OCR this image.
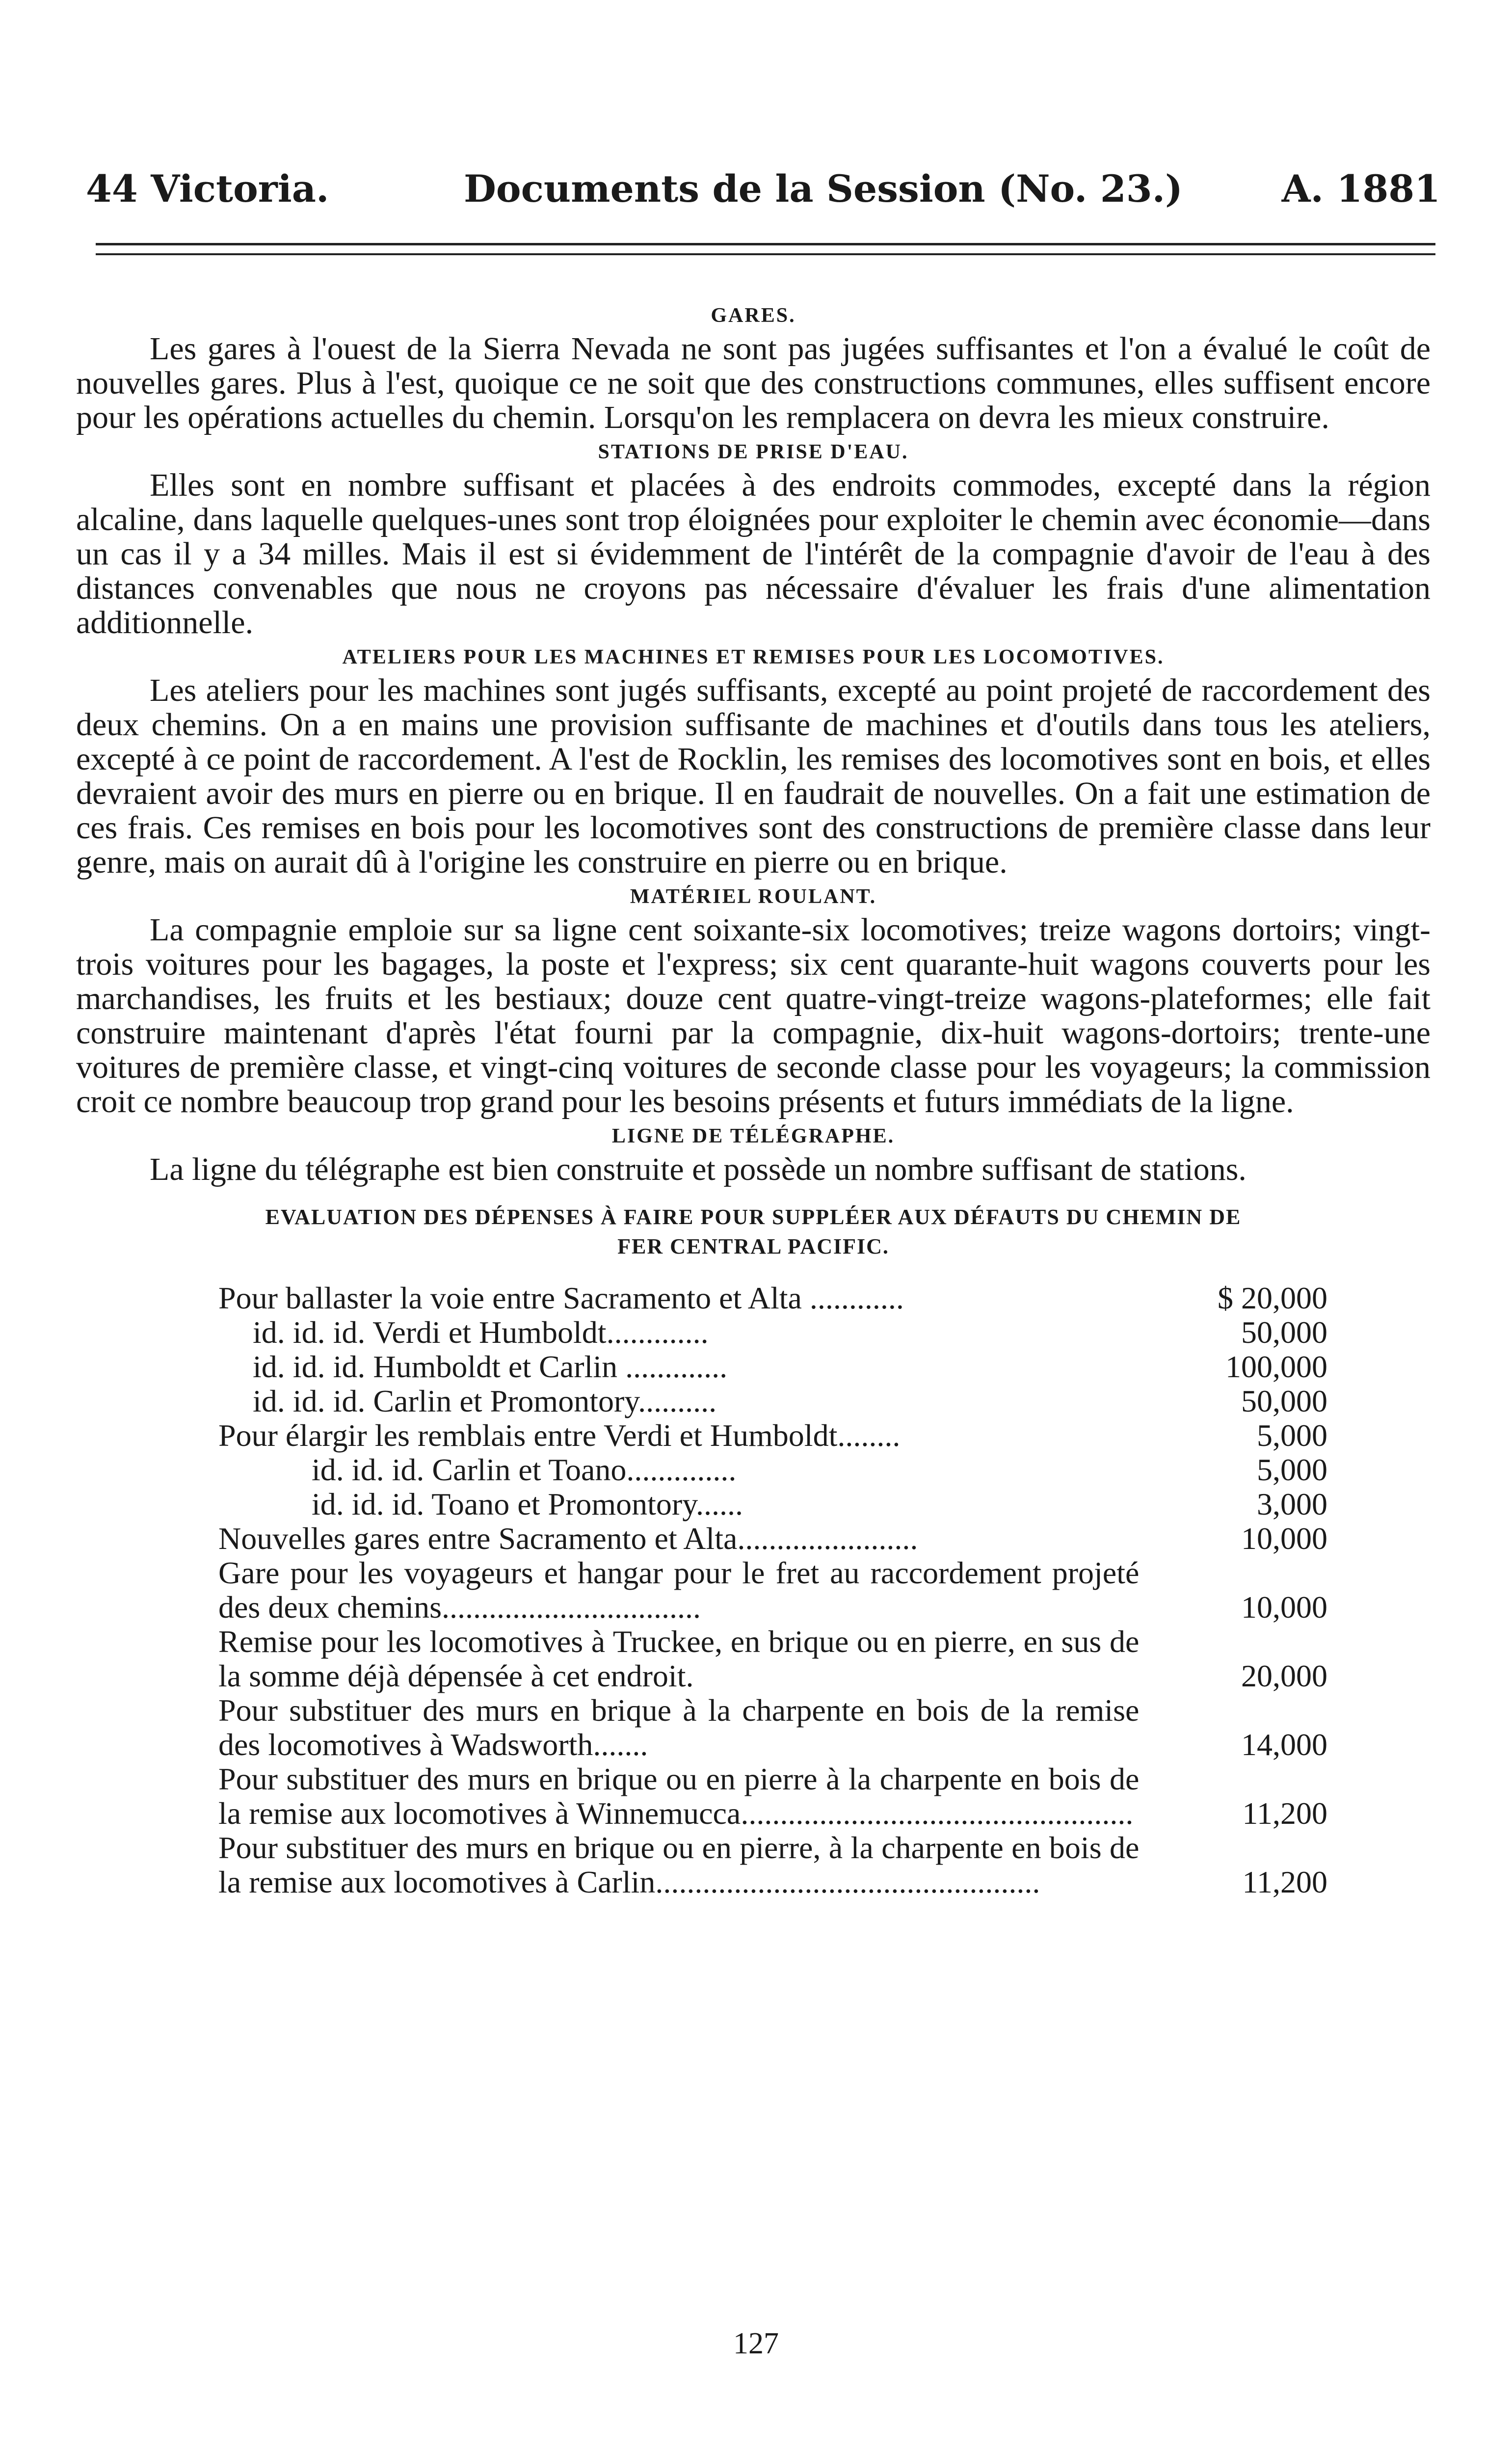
44 Victoria.	Documents de la Session (No. 23.)	A. 1881
GARES.

Les gares à l'ouest de la Sierra Nevada ne sont pas jugées suffisantes et l'on a évalué le coût de nouvelles gares. Plus à l'est, quoique ce ne soit que des constructions communes, elles suffisent encore pour les opérations actuelles du chemin. Lorsqu'on les remplacera on devra les mieux construire.

STATIONS DE PRISE D'EAU.

Elles sont en nombre suffisant et placées à des endroits commodes, excepté dans la région alcaline, dans laquelle quelques-unes sont trop éloignées pour exploiter le chemin avec économie—dans un cas il y a 34 milles. Mais il est si évidemment de l'intérêt de la compagnie d'avoir de l'eau à des distances convenables que nous ne croyons pas nécessaire d'évaluer les frais d'une alimentation additionnelle.

ATELIERS POUR LES MACHINES ET REMISES POUR LES LOCOMOTIVES.

Les ateliers pour les machines sont jugés suffisants, excepté au point projeté de raccordement des deux chemins. On a en mains une provision suffisante de machines et d'outils dans tous les ateliers, excepté à ce point de raccordement. A l'est de Rocklin, les remises des locomotives sont en bois, et elles devraient avoir des murs en pierre ou en brique. Il en faudrait de nouvelles. On a fait une estimation de ces frais. Ces remises en bois pour les locomotives sont des constructions de première classe dans leur genre, mais on aurait dû à l'origine les construire en pierre ou en brique.

MATÉRIEL ROULANT.

La compagnie emploie sur sa ligne cent soixante-six locomotives; treize wagons dortoirs; vingt-trois voitures pour les bagages, la poste et l'express; six cent quarante-huit wagons couverts pour les marchandises, les fruits et les bestiaux; douze cent quatre-vingt-treize wagons-plateformes; elle fait construire maintenant d'après l'état fourni par la compagnie, dix-huit wagons-dortoirs; trente-une voitures de première classe, et vingt-cinq voitures de seconde classe pour les voyageurs; la commission croit ce nombre beaucoup trop grand pour les besoins présents et futurs immédiats de la ligne.

LIGNE DE TÉLÉGRAPHE.

La ligne du télégraphe est bien construite et possède un nombre suffisant de stations.

EVALUATION DES DÉPENSES À FAIRE POUR SUPPLÉER AUX DÉFAUTS DU CHEMIN DE
FER CENTRAL PACIFIC.
Pour ballaster la voie entre Sacramento et Alta ............	$ 20,000
id. id. id. Verdi et Humboldt.............	50,000
id. id. id. Humboldt et Carlin .............	100,000
id. id. id. Carlin et Promontory..........	50,000
Pour élargir les remblais entre Verdi et Humboldt........	5,000
id. id. id. Carlin et Toano..............	5,000
id. id. id. Toano et Promontory......	3,000
Nouvelles gares entre Sacramento et Alta.......................	10,000
Gare pour les voyageurs et hangar pour le fret au raccordement projeté des deux chemins.................................	10,000
Remise pour les locomotives à Truckee, en brique ou en pierre, en sus de la somme déjà dépensée à cet endroit.	20,000
Pour substituer des murs en brique à la charpente en bois de la remise des locomotives à Wadsworth.......	14,000
Pour substituer des murs en brique ou en pierre à la charpente en bois de la remise aux locomotives à Winnemucca..................................................	11,200
Pour substituer des murs en brique ou en pierre, à la charpente en bois de la remise aux locomotives à Carlin.................................................	11,200
127
